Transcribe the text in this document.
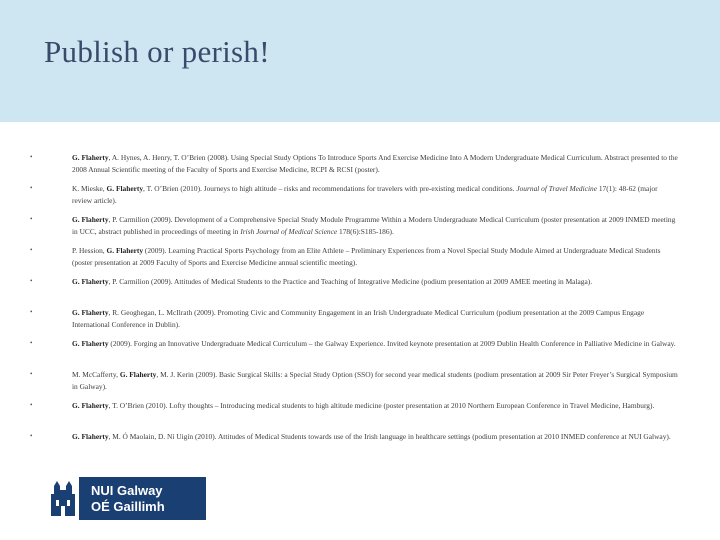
Publish or perish!
•	G. Flaherty, A. Hynes, A. Henry, T. O’Brien (2008). Using Special Study Options To Introduce Sports And Exercise Medicine Into A Modern Undergraduate Medical Curriculum. Abstract presented to the 2008 Annual Scientific meeting of the Faculty of Sports and Exercise Medicine, RCPI & RCSI (poster).
•	K. Mieske, G. Flaherty, T. O’Brien (2010). Journeys to high altitude – risks and recommendations for travelers with pre-existing medical conditions. Journal of Travel Medicine 17(1): 48-62 (major review article).
•	G. Flaherty, P. Carmilion (2009). Development of a Comprehensive Special Study Module Programme Within a Modern Undergraduate Medical Curriculum (poster presentation at 2009 INMED meeting in UCC, abstract published in proceedings of meeting in Irish Journal of Medical Science 178(6):S185-186).
•	P. Hession, G. Flaherty (2009). Learning Practical Sports Psychology from an Elite Athlete – Preliminary Experiences from a Novel Special Study Module Aimed at Undergraduate Medical Students (poster presentation at 2009 Faculty of Sports and Exercise Medicine annual scientific meeting).
•	G. Flaherty, P. Carmilion (2009). Attitudes of Medical Students to the Practice and Teaching of Integrative Medicine (podium presentation at 2009 AMEE meeting in Malaga).
•	G. Flaherty, R. Geoghegan, L. McIlrath (2009). Promoting Civic and Community Engagement in an Irish Undergraduate Medical Curriculum (podium presentation at the 2009 Campus Engage International Conference in Dublin).
•	G. Flaherty (2009). Forging an Innovative Undergraduate Medical Curriculum – the Galway Experience. Invited keynote presentation at 2009 Dublin Health Conference in Palliative Medicine in Galway.
•	M. McCafferty, G. Flaherty, M. J. Kerin (2009). Basic Surgical Skills: a Special Study Option (SSO) for second year medical students (podium presentation at 2009 Sir Peter Freyer’s Surgical Symposium in Galway).
•	G. Flaherty, T. O’Brien (2010). Lofty thoughts – Introducing medical students to high altitude medicine (poster presentation at 2010 Northern European Conference in Travel Medicine, Hamburg).
•	G. Flaherty, M. Ó Maolain, D. Ní Uigín (2010). Attitudes of Medical Students towards use of the Irish language in healthcare settings (podium presentation at 2010 INMED conference at NUI Galway).
NUI Galway
OÉ Gaillimh
